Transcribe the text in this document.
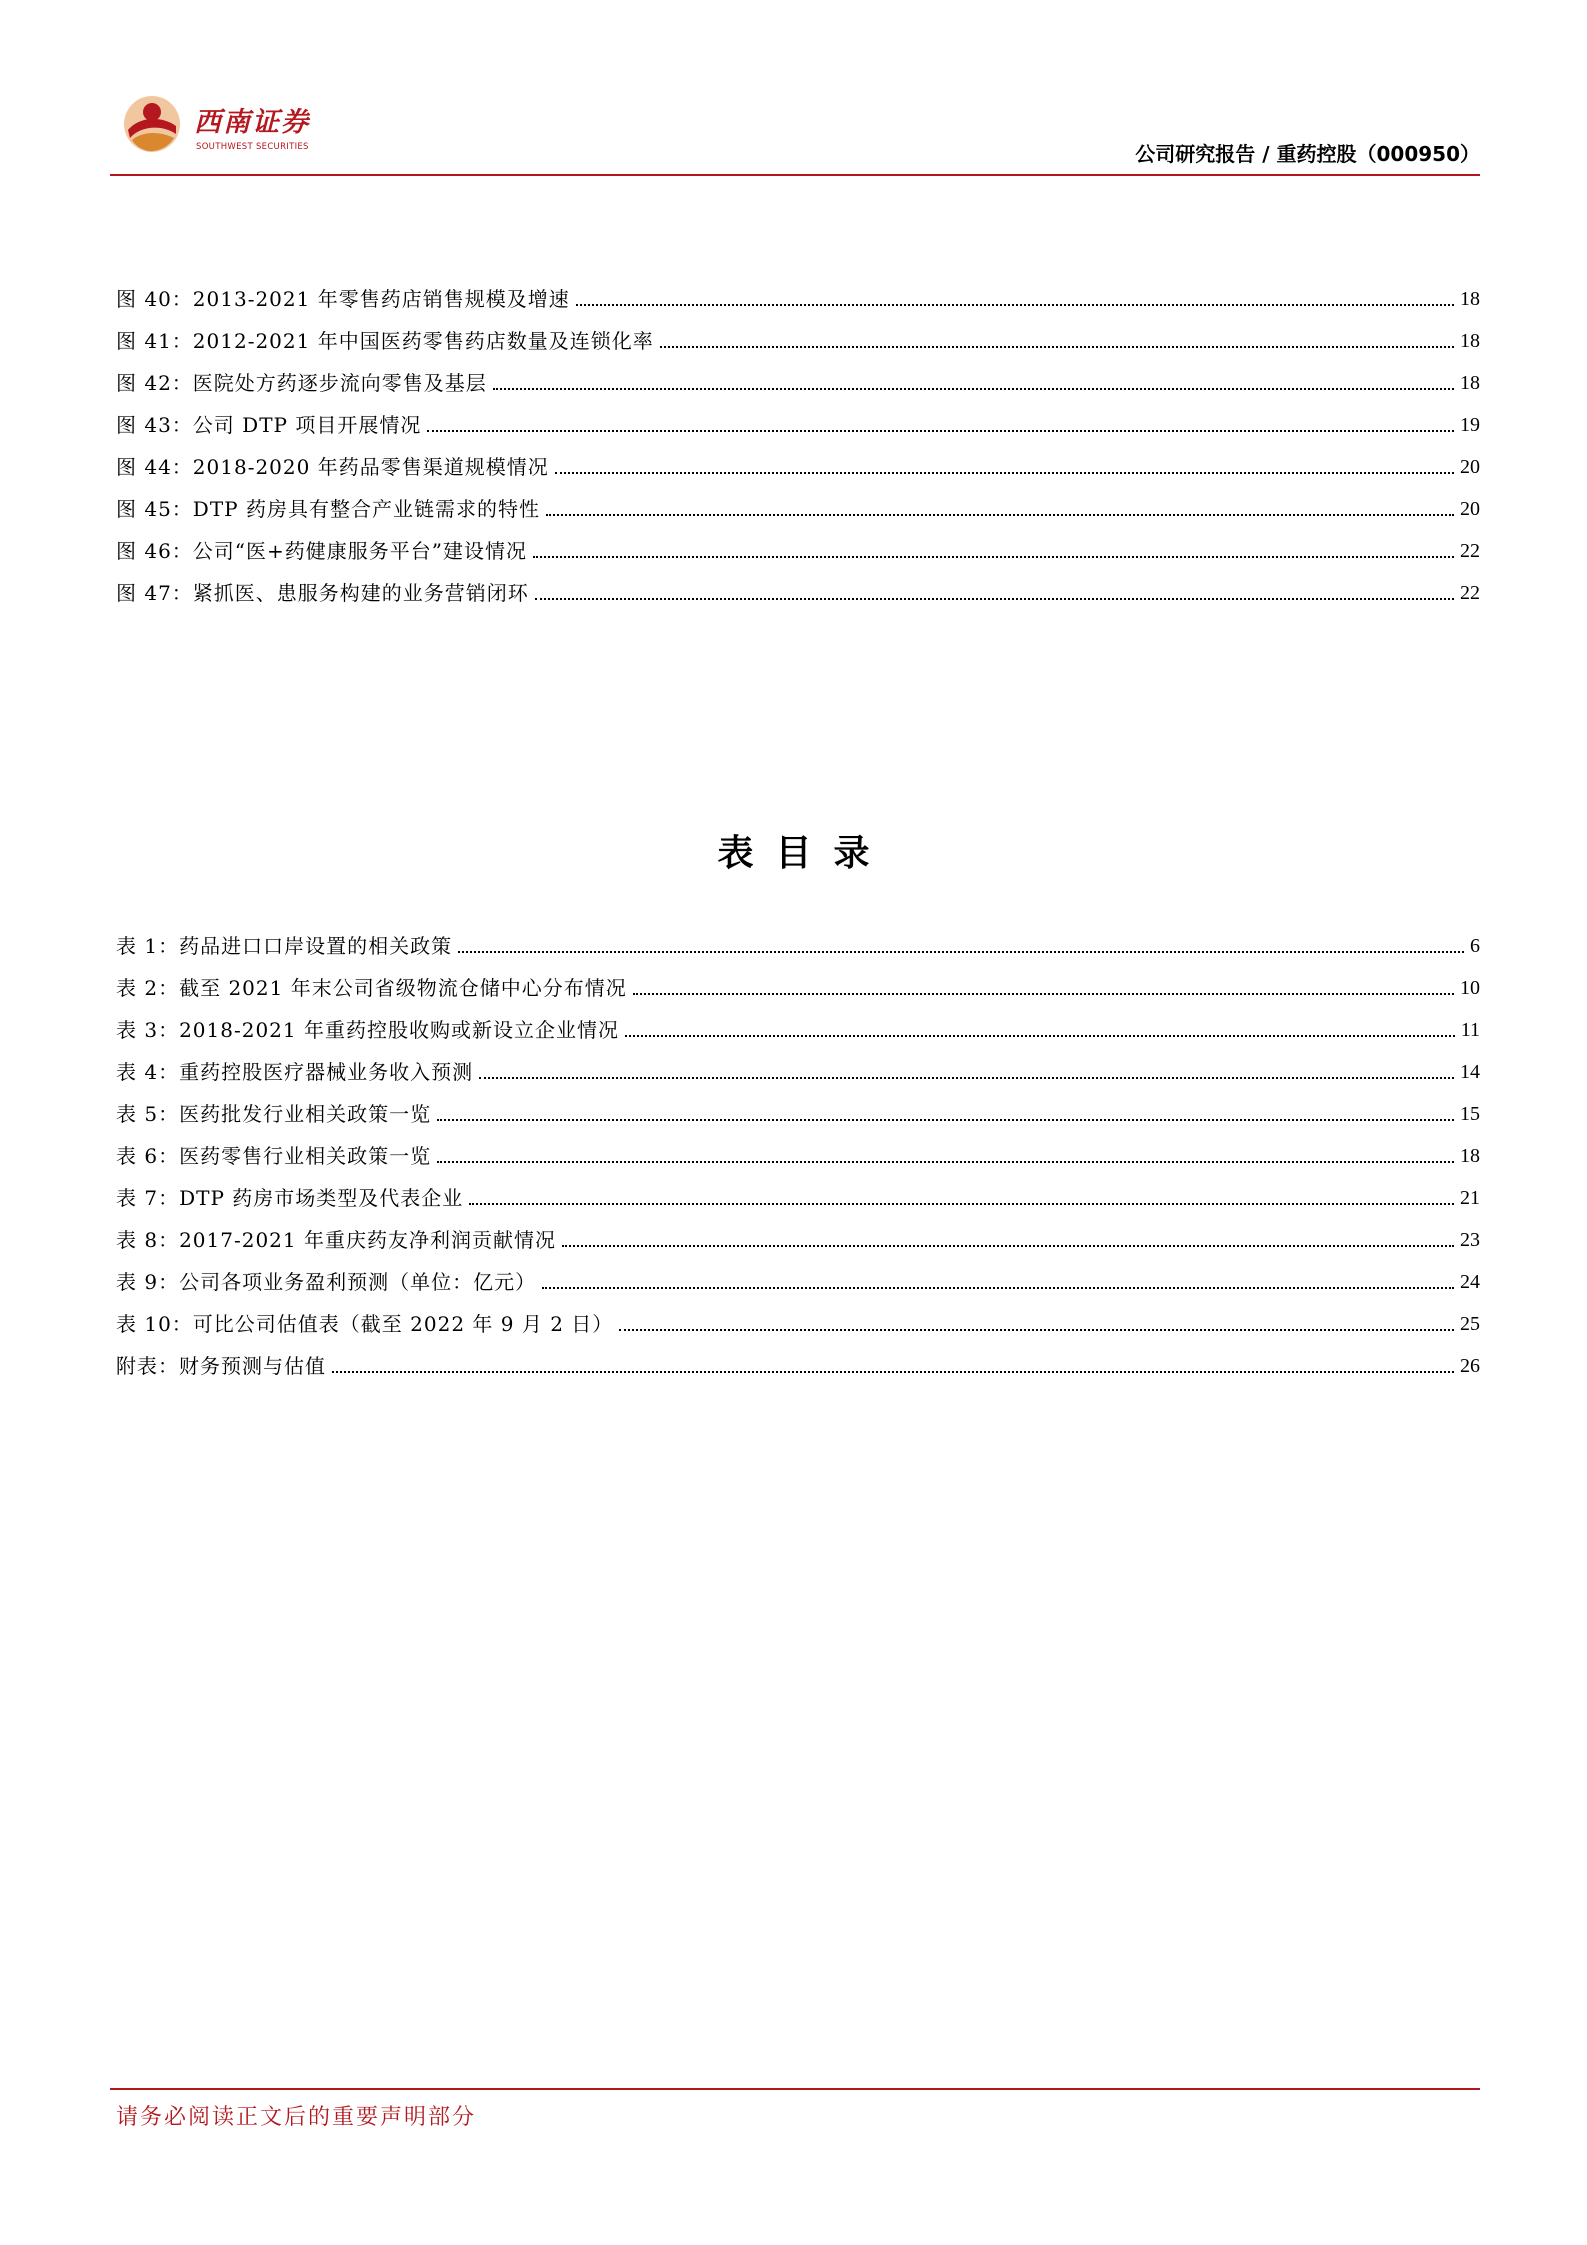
西南证券
SOUTHWEST SECURITIES	公司研究报告 / 重药控股（000950）
图 40：2013-2021 年零售药店销售规模及增速	18
图 41：2012-2021 年中国医药零售药店数量及连锁化率	18
图 42：医院处方药逐步流向零售及基层	18
图 43：公司 DTP 项目开展情况	19
图 44：2018-2020 年药品零售渠道规模情况	20
图 45：DTP 药房具有整合产业链需求的特性	20
图 46：公司“医+药健康服务平台”建设情况	22
图 47：紧抓医、患服务构建的业务营销闭环	22
表目录
表 1：药品进口口岸设置的相关政策	6
表 2：截至 2021 年末公司省级物流仓储中心分布情况	10
表 3：2018-2021 年重药控股收购或新设立企业情况	11
表 4：重药控股医疗器械业务收入预测	14
表 5：医药批发行业相关政策一览	15
表 6：医药零售行业相关政策一览	18
表 7：DTP 药房市场类型及代表企业	21
表 8：2017-2021 年重庆药友净利润贡献情况	23
表 9：公司各项业务盈利预测（单位：亿元）	24
表 10：可比公司估值表（截至 2022 年 9 月 2 日）	25
附表：财务预测与估值	26
请务必阅读正文后的重要声明部分
